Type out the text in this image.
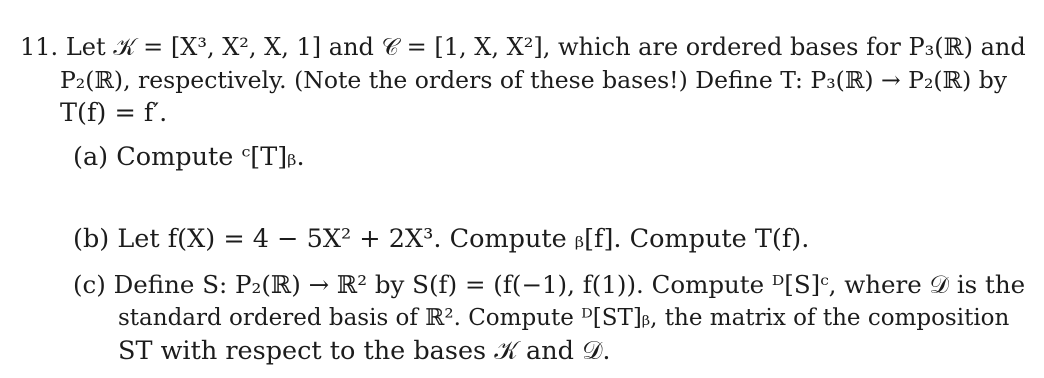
11. Let 𝒦 = [X³, X², X, 1] and 𝒞 = [1, X, X²], which are ordered bases for P₃(ℝ) and
P₂(ℝ), respectively. (Note the orders of these bases!) Define T: P₃(ℝ) → P₂(ℝ) by
T(f) = f′.
(a) Compute ᶜ[T]ᵦ.
(b) Let f(X) = 4 − 5X² + 2X³. Compute ᵦ[f]. Compute T(f).
(c) Define S: P₂(ℝ) → ℝ² by S(f) = (f(−1), f(1)). Compute ᴰ[S]ᶜ, where 𝒟 is the
standard ordered basis of ℝ². Compute ᴰ[ST]ᵦ, the matrix of the composition
ST with respect to the bases 𝒦 and 𝒟.
